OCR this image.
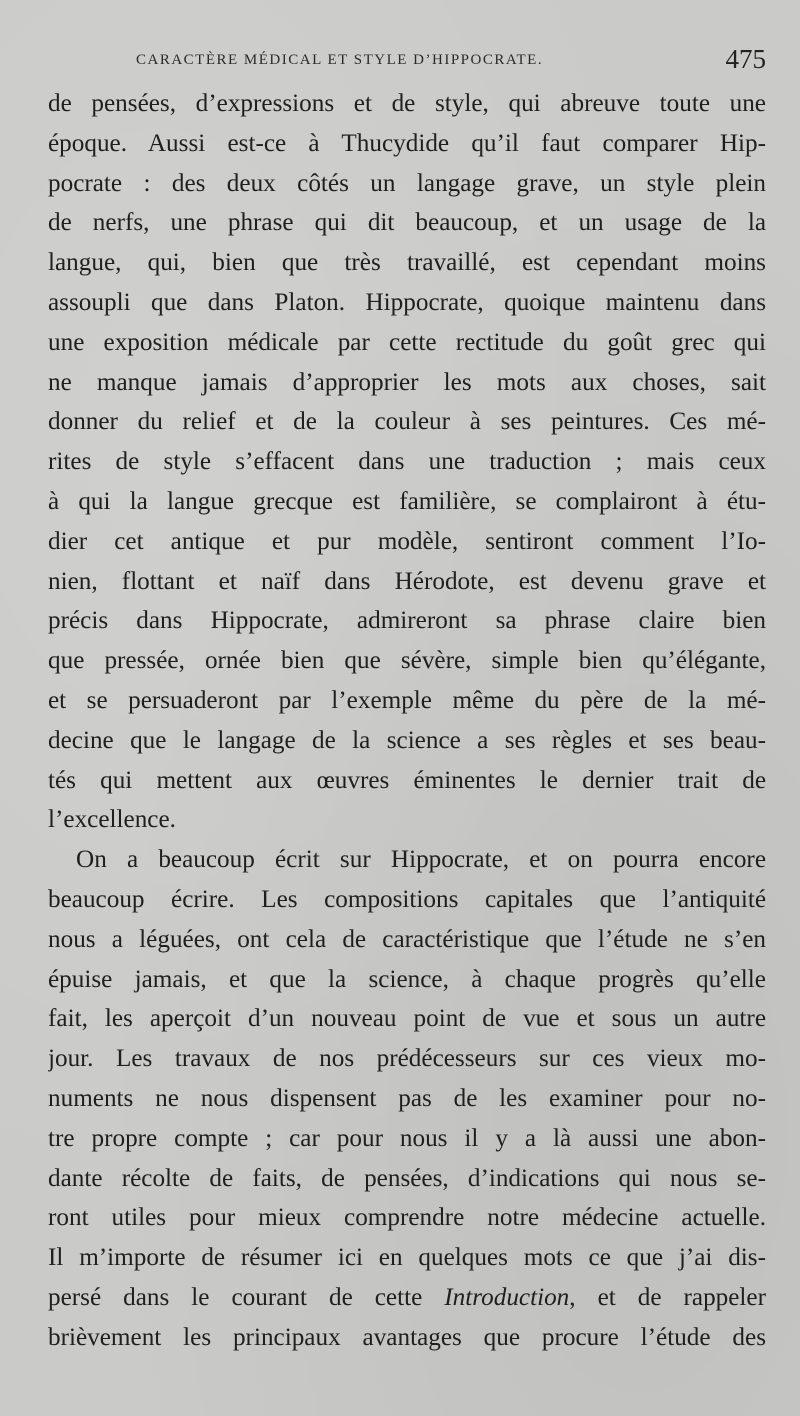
CARACTÈRE MÉDICAL ET STYLE D’HIPPOCRATE.	475
de pensées, d’expressions et de style, qui abreuve toute une
époque. Aussi est-ce à Thucydide qu’il faut comparer Hip-
pocrate : des deux côtés un langage grave, un style plein
de nerfs, une phrase qui dit beaucoup, et un usage de la
langue, qui, bien que très travaillé, est cependant moins
assoupli que dans Platon. Hippocrate, quoique maintenu dans
une exposition médicale par cette rectitude du goût grec qui
ne manque jamais d’approprier les mots aux choses, sait
donner du relief et de la couleur à ses peintures. Ces mé-
rites de style s’effacent dans une traduction ; mais ceux
à qui la langue grecque est familière, se complairont à étu-
dier cet antique et pur modèle, sentiront comment l’Io-
nien, flottant et naïf dans Hérodote, est devenu grave et
précis dans Hippocrate, admireront sa phrase claire bien
que pressée, ornée bien que sévère, simple bien qu’élégante,
et se persuaderont par l’exemple même du père de la mé-
decine que le langage de la science a ses règles et ses beau-
tés qui mettent aux œuvres éminentes le dernier trait de
l’excellence.
On a beaucoup écrit sur Hippocrate, et on pourra encore
beaucoup écrire. Les compositions capitales que l’antiquité
nous a léguées, ont cela de caractéristique que l’étude ne s’en
épuise jamais, et que la science, à chaque progrès qu’elle
fait, les aperçoit d’un nouveau point de vue et sous un autre
jour. Les travaux de nos prédécesseurs sur ces vieux mo-
numents ne nous dispensent pas de les examiner pour no-
tre propre compte ; car pour nous il y a là aussi une abon-
dante récolte de faits, de pensées, d’indications qui nous se-
ront utiles pour mieux comprendre notre médecine actuelle.
Il m’importe de résumer ici en quelques mots ce que j’ai dis-
persé dans le courant de cette Introduction, et de rappeler
brièvement les principaux avantages que procure l’étude des
